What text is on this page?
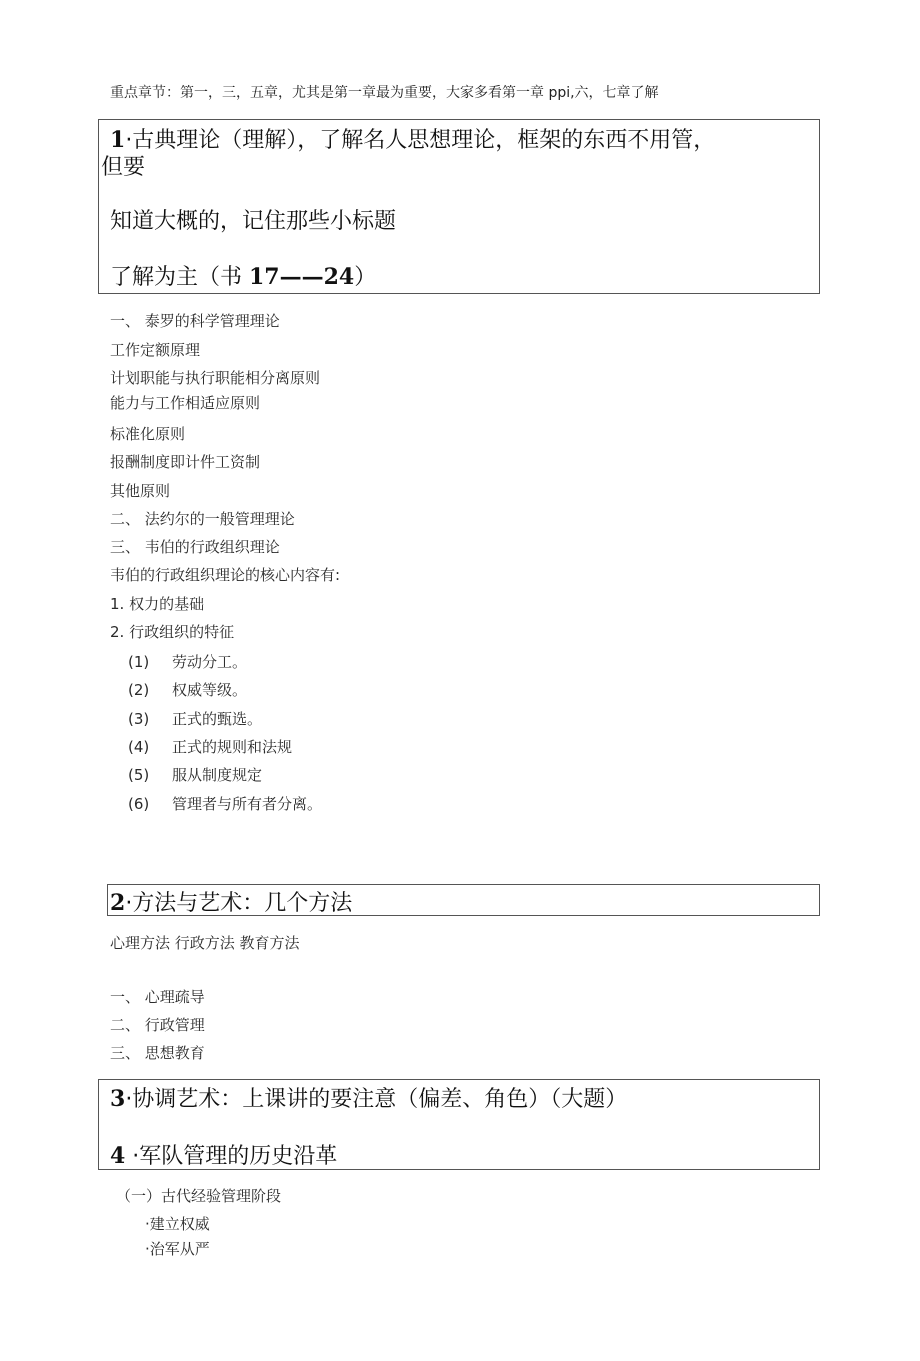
重点章节：第一，三，五章，尤其是第一章最为重要，大家多看第一章 ppi,六，七章了解
1·古典理论（理解），了解名人思想理论，框架的东西不用管，
但要
知道大概的，记住那些小标题
了解为主（书 17——24）
一、 泰罗的科学管理理论
工作定额原理
计划职能与执行职能相分离原则
能力与工作相适应原则
标准化原则
报酬制度即计件工资制
其他原则
二、 法约尔的一般管理理论
三、 韦伯的行政组织理论
韦伯的行政组织理论的核心内容有:
1. 权力的基础
2. 行政组织的特征
(1) 劳动分工。
(2) 权威等级。
(3) 正式的甄选。
(4) 正式的规则和法规
(5) 服从制度规定
(6) 管理者与所有者分离。
2·方法与艺术：几个方法
心理方法 行政方法 教育方法
一、 心理疏导
二、 行政管理
三、 思想教育
3·协调艺术：上课讲的要注意（偏差、角色）（大题）
4 ·军队管理的历史沿革
（一）古代经验管理阶段
·建立权威
·治军从严
